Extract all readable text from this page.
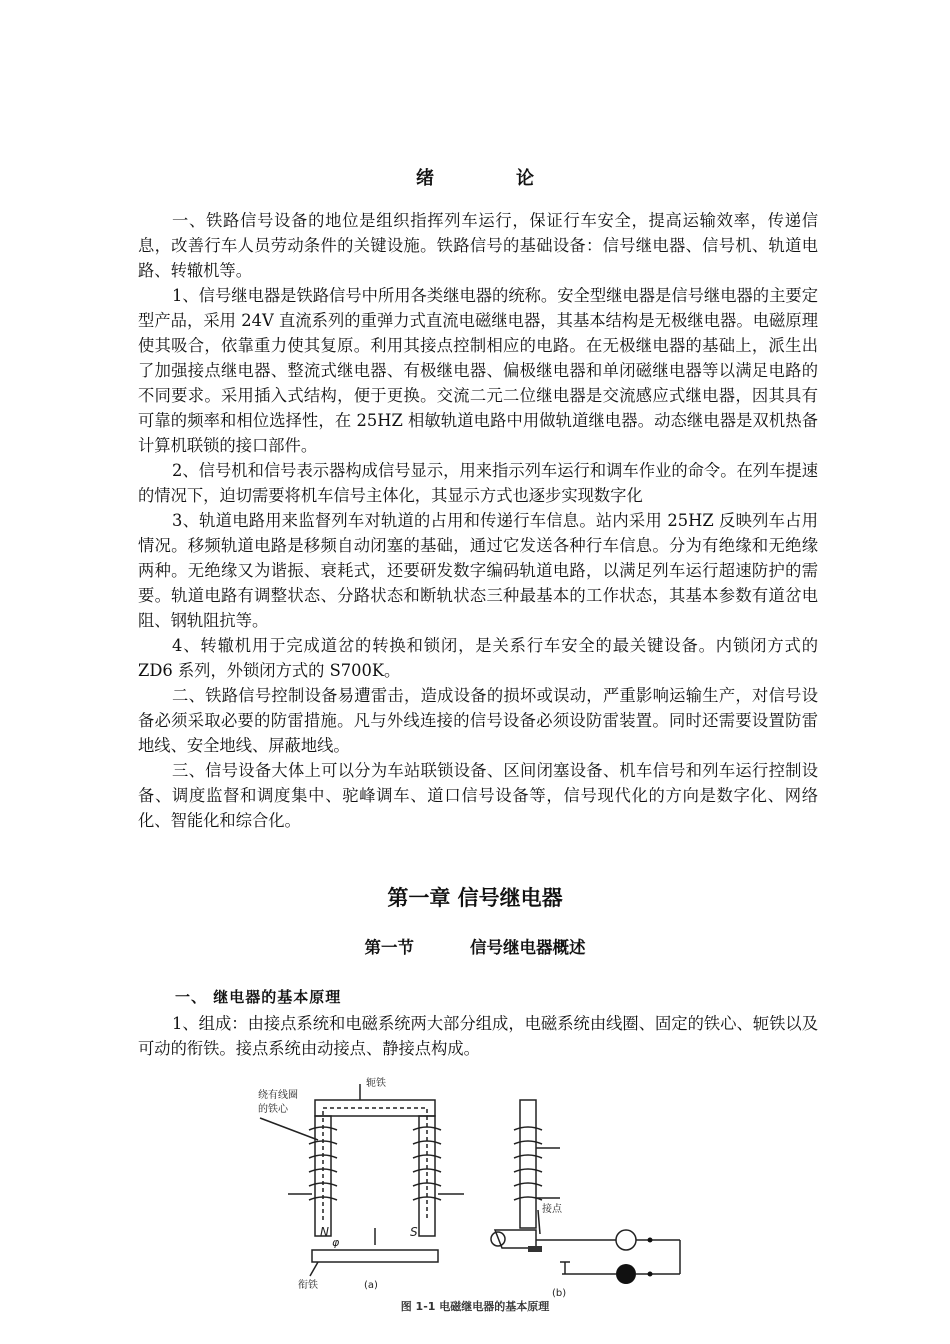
绪	论

一、铁路信号设备的地位是组织指挥列车运行，保证行车安全，提高运输效率，传递信息，改善行车人员劳动条件的关键设施。铁路信号的基础设备：信号继电器、信号机、轨道电路、转辙机等。

1、信号继电器是铁路信号中所用各类继电器的统称。安全型继电器是信号继电器的主要定型产品，采用 24V 直流系列的重弹力式直流电磁继电器，其基本结构是无极继电器。电磁原理使其吸合，依靠重力使其复原。利用其接点控制相应的电路。在无极继电器的基础上，派生出了加强接点继电器、整流式继电器、有极继电器、偏极继电器和单闭磁继电器等以满足电路的不同要求。采用插入式结构，便于更换。交流二元二位继电器是交流感应式继电器，因其具有可靠的频率和相位选择性，在 25HZ 相敏轨道电路中用做轨道继电器。动态继电器是双机热备计算机联锁的接口部件。

2、信号机和信号表示器构成信号显示，用来指示列车运行和调车作业的命令。在列车提速的情况下，迫切需要将机车信号主体化，其显示方式也逐步实现数字化

3、轨道电路用来监督列车对轨道的占用和传递行车信息。站内采用 25HZ 反映列车占用情况。移频轨道电路是移频自动闭塞的基础，通过它发送各种行车信息。分为有绝缘和无绝缘两种。无绝缘又为谐振、衰耗式，还要研发数字编码轨道电路，以满足列车运行超速防护的需要。轨道电路有调整状态、分路状态和断轨状态三种最基本的工作状态，其基本参数有道岔电阻、钢轨阻抗等。

4、转辙机用于完成道岔的转换和锁闭，是关系行车安全的最关键设备。内锁闭方式的 ZD6 系列，外锁闭方式的 S700K。

二、铁路信号控制设备易遭雷击，造成设备的损坏或误动，严重影响运输生产，对信号设备必须采取必要的防雷措施。凡与外线连接的信号设备必须设防雷装置。同时还需要设置防雷地线、安全地线、屏蔽地线。

三、信号设备大体上可以分为车站联锁设备、区间闭塞设备、机车信号和列车运行控制设备、调度监督和调度集中、驼峰调车、道口信号设备等，信号现代化的方向是数字化、网络化、智能化和综合化。

第一章 信号继电器
第一节	信号继电器概述
一、 继电器的基本原理

1、组成：由接点系统和电磁系统两大部分组成，电磁系统由线圈、固定的铁心、轭铁以及可动的衔铁。接点系统由动接点、静接点构成。

轭铁
绕有线圈
的铁心
N	S
φ
衔铁	(a)
接点
(b)
图 1-1 电磁继电器的基本原理
